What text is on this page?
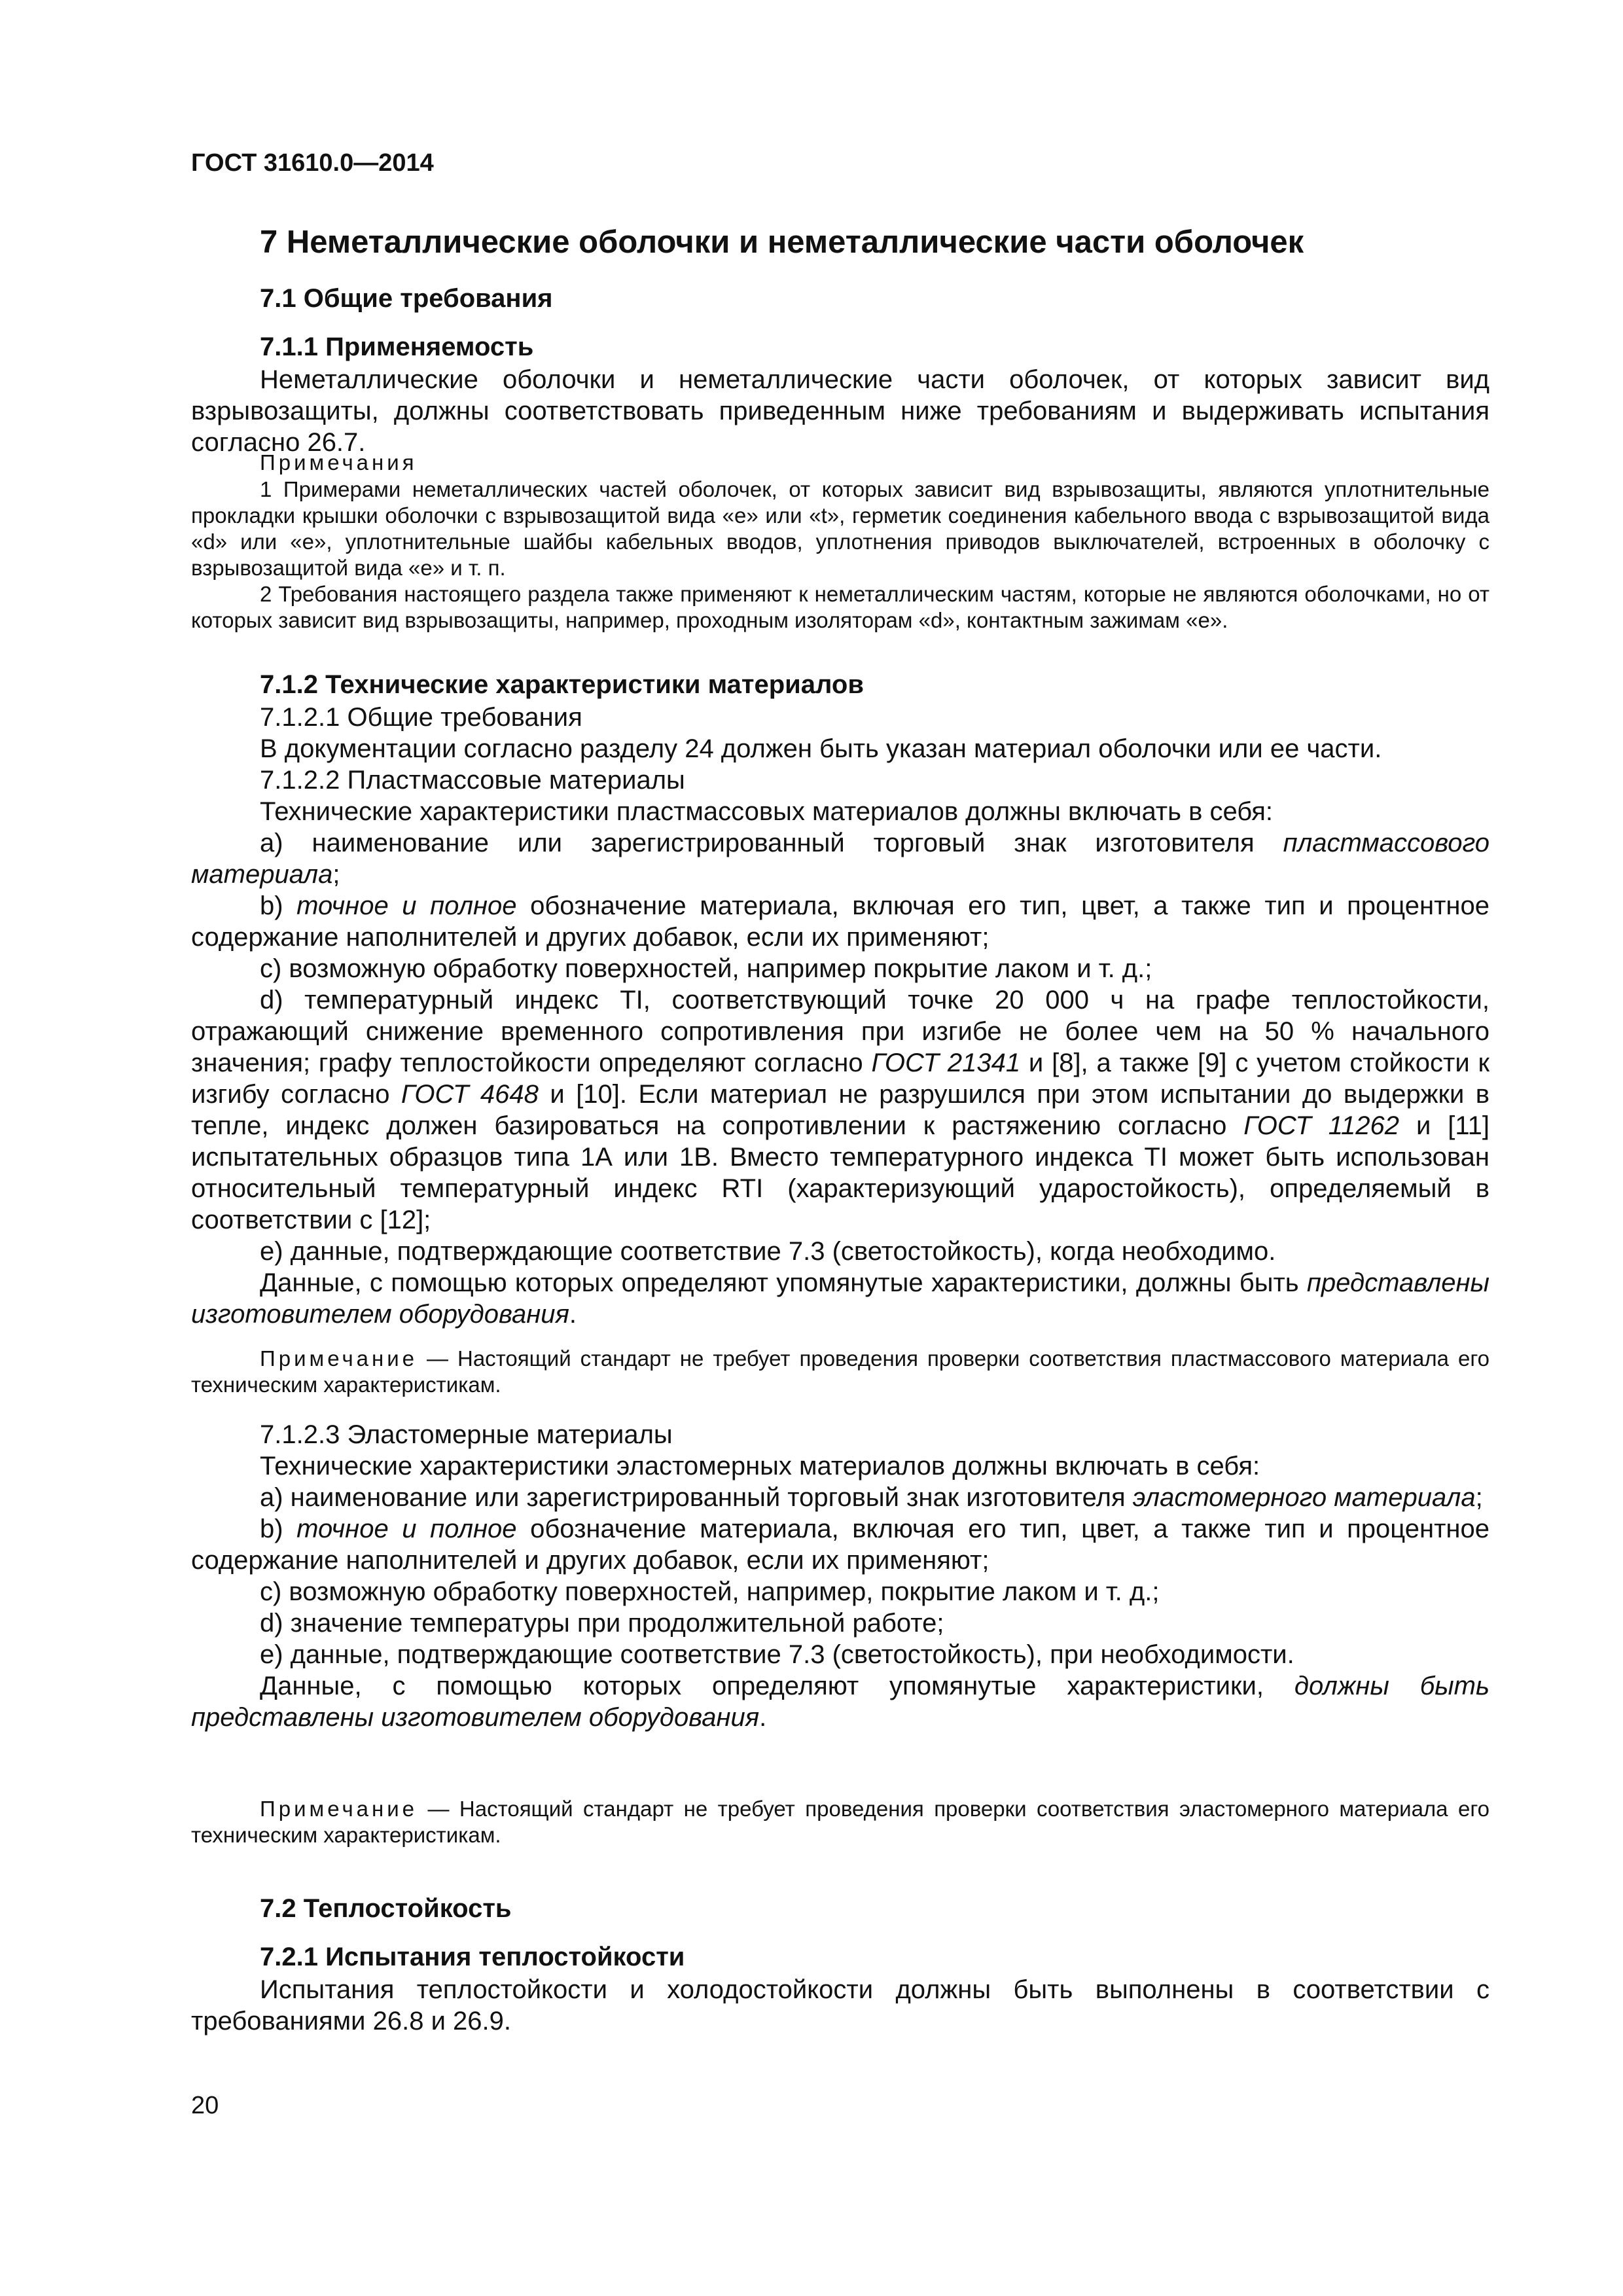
ГОСТ 31610.0—2014
7 Неметаллические оболочки и неметаллические части оболочек
7.1 Общие требования
7.1.1 Применяемость

Неметаллические оболочки и неметаллические части оболочек, от которых зависит вид взрывозащиты, должны соответствовать приведенным ниже требованиям и выдерживать испытания согласно 26.7.

Примечания

1 Примерами неметаллических частей оболочек, от которых зависит вид взрывозащиты, являются уплотнительные прокладки крышки оболочки с взрывозащитой вида «е» или «t», герметик соединения кабельного ввода с взрывозащитой вида «d» или «е», уплотнительные шайбы кабельных вводов, уплотнения приводов выключателей, встроенных в оболочку с взрывозащитой вида «е» и т. п.

2 Требования настоящего раздела также применяют к неметаллическим частям, которые не являются оболочками, но от которых зависит вид взрывозащиты, например, проходным изоляторам «d», контактным зажимам «е».

7.1.2 Технические характеристики материалов

7.1.2.1 Общие требования

В документации согласно разделу 24 должен быть указан материал оболочки или ее части.

7.1.2.2 Пластмассовые материалы

Технические характеристики пластмассовых материалов должны включать в себя:

а) наименование или зарегистрированный торговый знак изготовителя пластмассового материала;

b) точное и полное обозначение материала, включая его тип, цвет, а также тип и процентное содержание наполнителей и других добавок, если их применяют;

с) возможную обработку поверхностей, например покрытие лаком и т. д.;

d) температурный индекс TI, соответствующий точке 20 000 ч на графе теплостойкости, отражающий снижение временного сопротивления при изгибе не более чем на 50 % начального значения; графу теплостойкости определяют согласно ГОСТ 21341 и [8], а также [9] с учетом стойкости к изгибу согласно ГОСТ 4648 и [10]. Если материал не разрушился при этом испытании до выдержки в тепле, индекс должен базироваться на сопротивлении к растяжению согласно ГОСТ 11262 и [11] испытательных образцов типа 1А или 1В. Вместо температурного индекса TI может быть использован относительный температурный индекс RTI (характеризующий ударостойкость), определяемый в соответствии с [12];

е) данные, подтверждающие соответствие 7.3 (светостойкость), когда необходимо.

Данные, с помощью которых определяют упомянутые характеристики, должны быть представлены изготовителем оборудования.

Примечание — Настоящий стандарт не требует проведения проверки соответствия пластмассового материала его техническим характеристикам.

7.1.2.3 Эластомерные материалы

Технические характеристики эластомерных материалов должны включать в себя:

а) наименование или зарегистрированный торговый знак изготовителя эластомерного материала;

b) точное и полное обозначение материала, включая его тип, цвет, а также тип и процентное содержание наполнителей и других добавок, если их применяют;

с) возможную обработку поверхностей, например, покрытие лаком и т. д.;

d) значение температуры при продолжительной работе;

е) данные, подтверждающие соответствие 7.3 (светостойкость), при необходимости.

Данные, с помощью которых определяют упомянутые характеристики, должны быть представлены изготовителем оборудования.

Примечание — Настоящий стандарт не требует проведения проверки соответствия эластомерного материала его техническим характеристикам.

7.2 Теплостойкость
7.2.1 Испытания теплостойкости

Испытания теплостойкости и холодостойкости должны быть выполнены в соответствии с требованиями 26.8 и 26.9.

20
